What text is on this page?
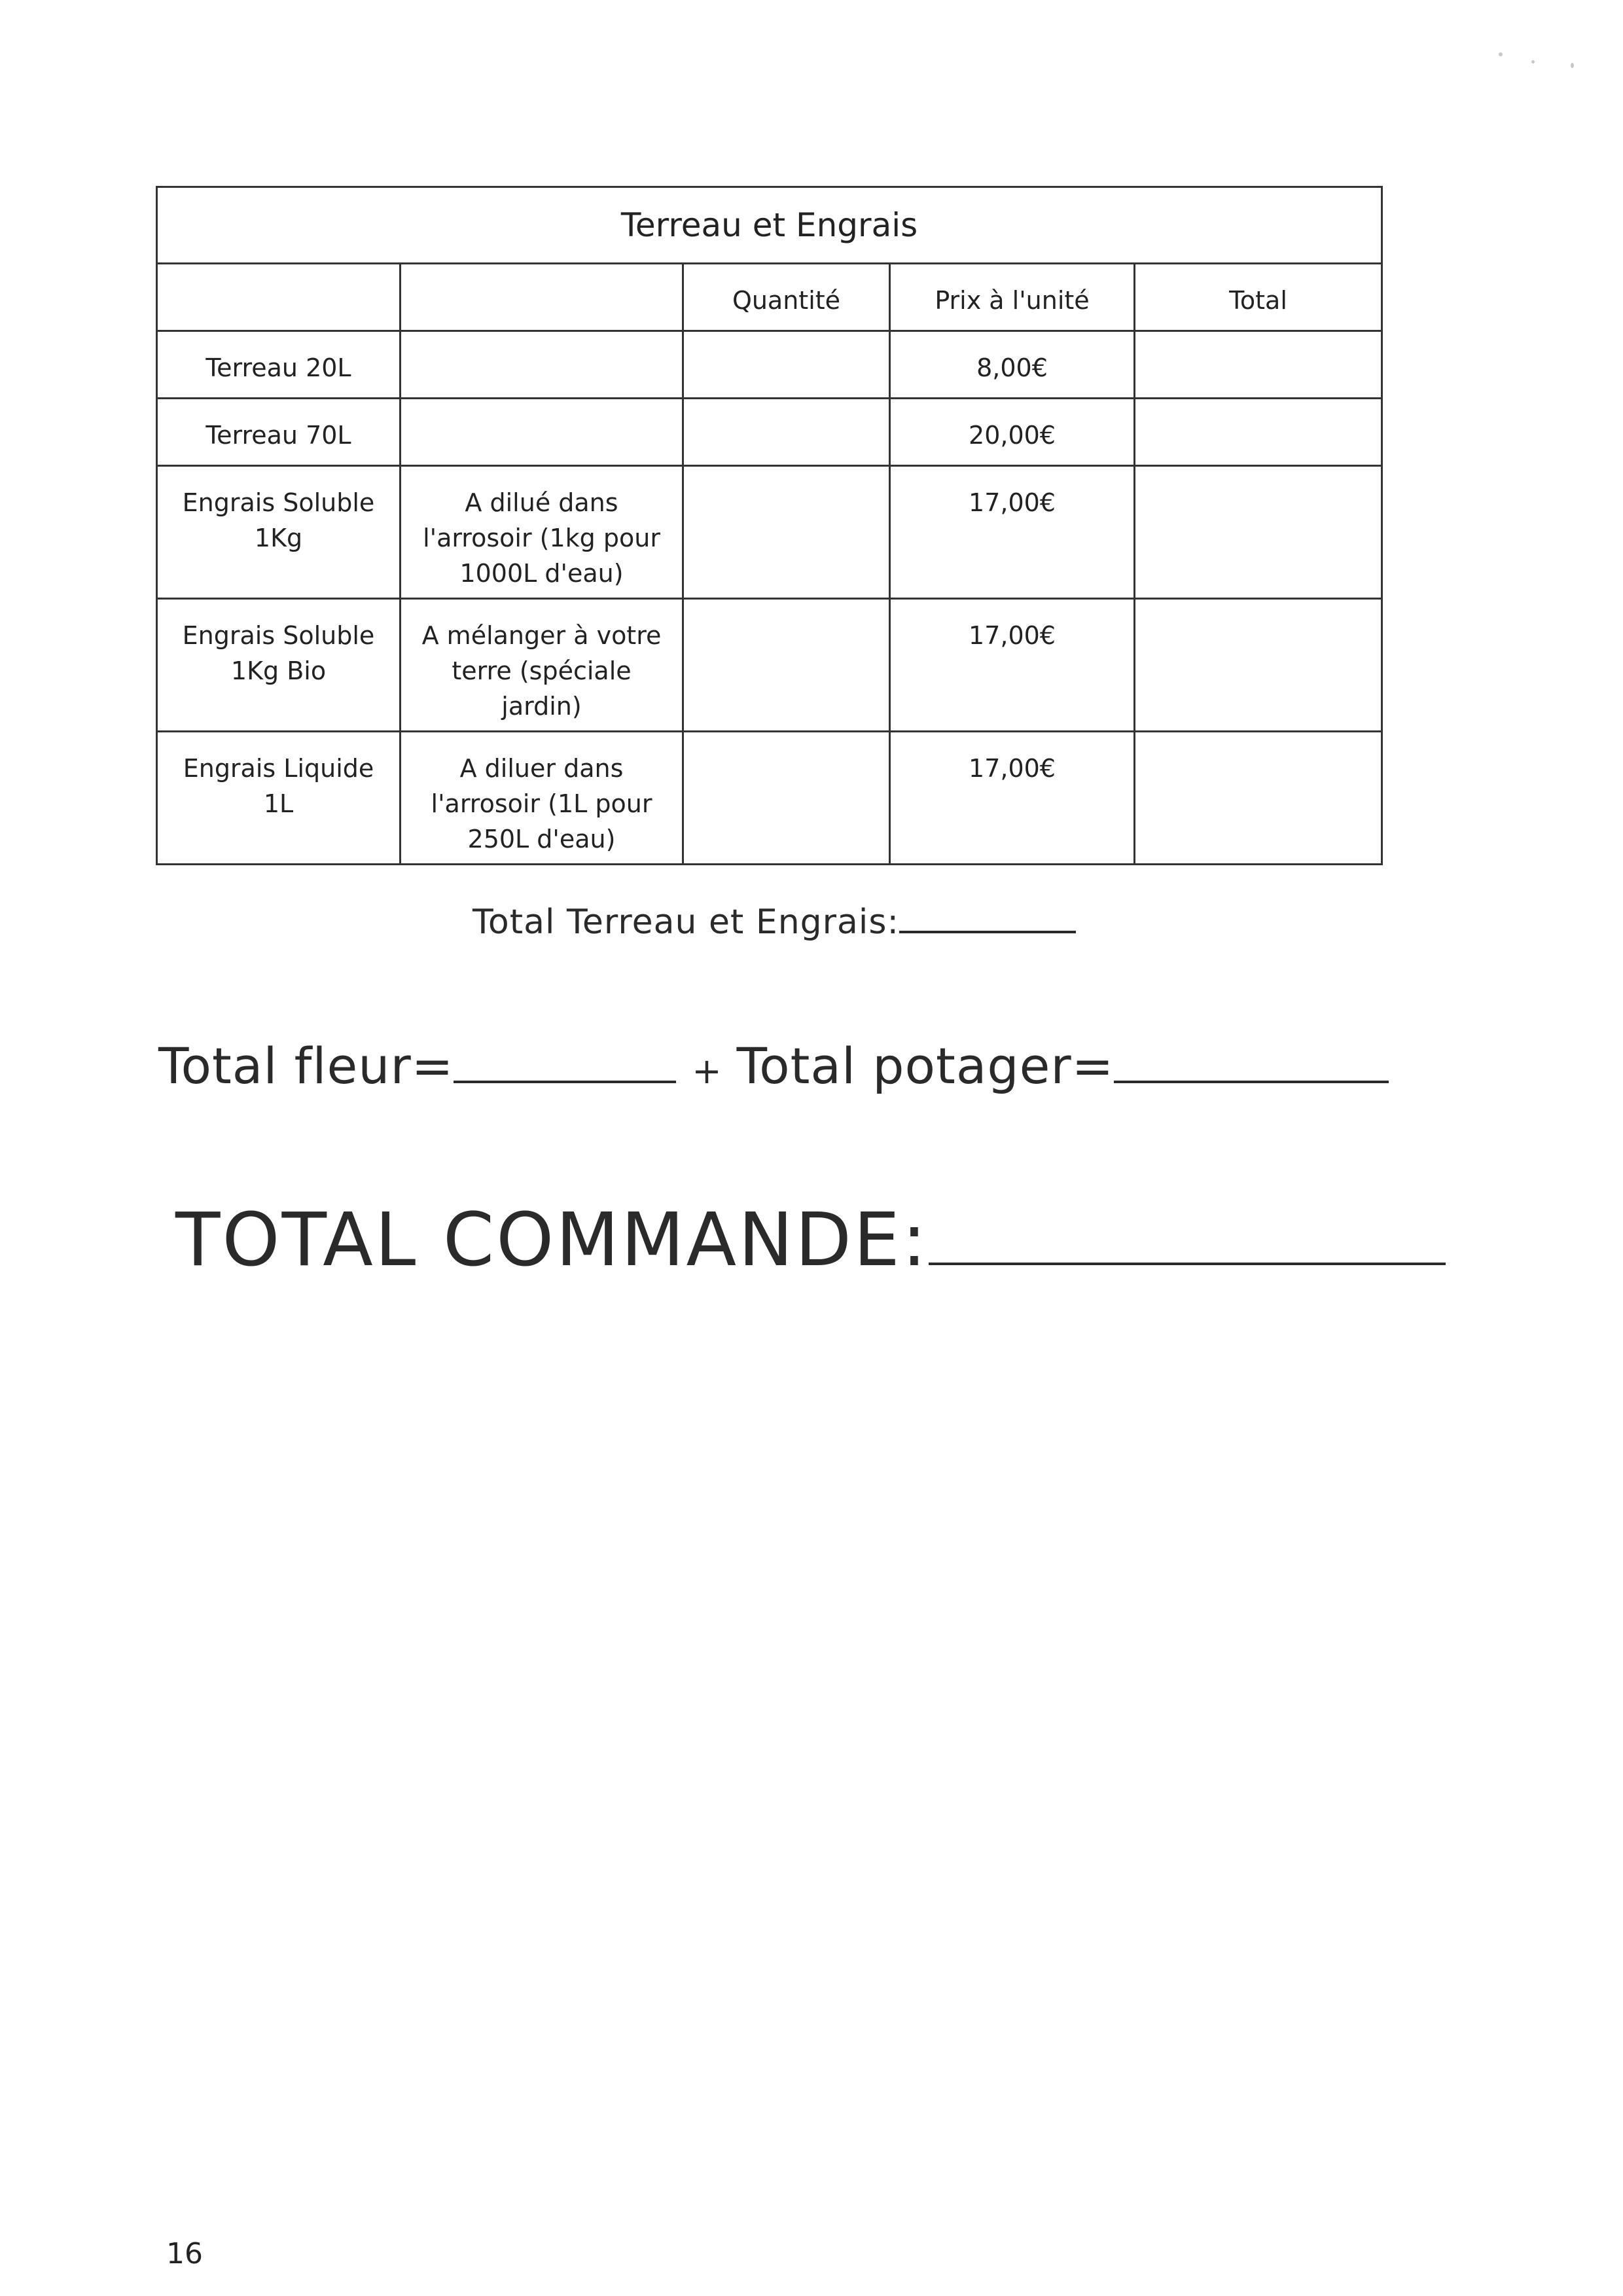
Terreau et Engrais				
		Quantité	Prix à l'unité	Total
Terreau 20L			8,00€	
Terreau 70L			20,00€	
Engrais Soluble 1Kg	A dilué dans l'arrosoir (1kg pour 1000L d'eau)		17,00€	
Engrais Soluble 1Kg Bio	A mélanger à votre terre (spéciale jardin)		17,00€	
Engrais Liquide 1L	A diluer dans l'arrosoir (1L pour 250L d'eau)		17,00€	
Total Terreau et Engrais:
Total fleur=	+ Total potager=
TOTAL COMMANDE:
16
